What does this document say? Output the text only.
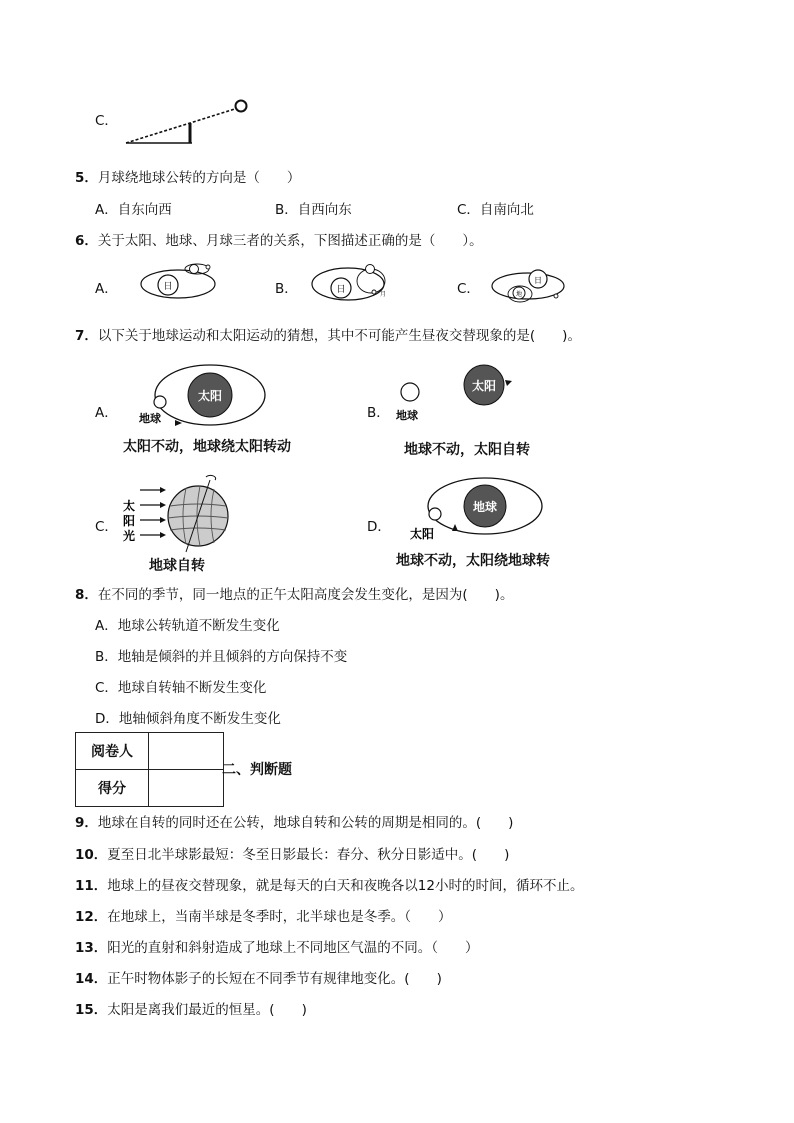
C．
5．月球绕地球公转的方向是（　　）
A．自东向西	B．自西向东	C．自南向北
6．关于太阳、地球、月球三者的关系，下图描述正确的是（　　）。
A．	日	B．	日	月	C．
日
地
7．以下关于地球运动和太阳运动的猜想，其中不可能产生昼夜交替现象的是(　　)。
A．
太阳
地球
太阳不动，地球绕太阳转动
B． 地球
太阳
地球不动，太阳自转
C．
太
阳
光
地球自转
D．
地球
太阳
地球不动，太阳绕地球转
8．在不同的季节，同一地点的正午太阳高度会发生变化，是因为(　　)。
A．地球公转轨道不断发生变化
B．地轴是倾斜的并且倾斜的方向保持不变
C．地球自转轴不断发生变化
D．地轴倾斜角度不断发生变化
阅卷人	
得分	
二、判断题
9．地球在自转的同时还在公转，地球自转和公转的周期是相同的。(　　)
10．夏至日北半球影最短：冬至日影最长：春分、秋分日影适中。(　　)
11．地球上的昼夜交替现象，就是每天的白天和夜晚各以12小时的时间，循环不止。
12．在地球上，当南半球是冬季时，北半球也是冬季。（　　）
13．阳光的直射和斜射造成了地球上不同地区气温的不同。（　　）
14．正午时物体影子的长短在不同季节有规律地变化。(　　)
15．太阳是离我们最近的恒星。(　　)
